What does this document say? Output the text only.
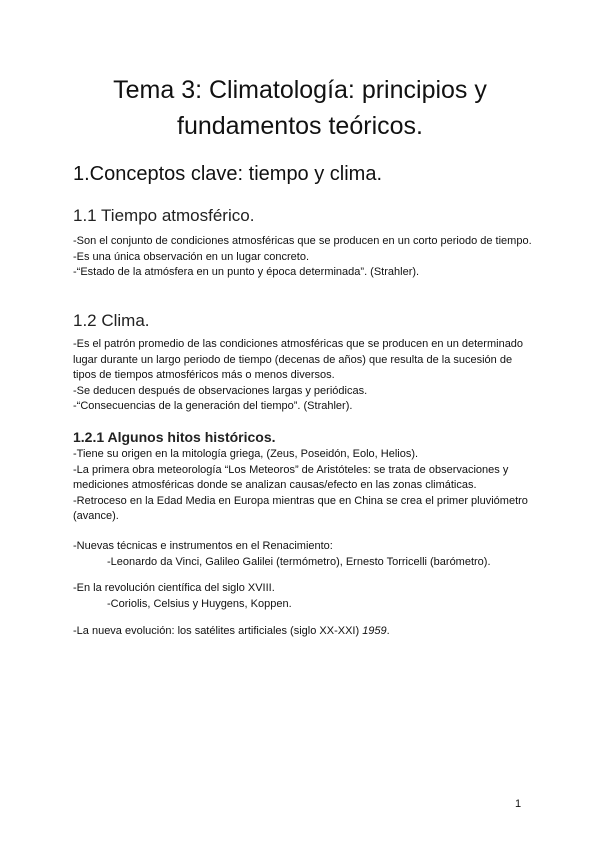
Tema 3: Climatología: principios y fundamentos teóricos.
1.Conceptos clave: tiempo y clima.
1.1 Tiempo atmosférico.

-Son el conjunto de condiciones atmosféricas que se producen en un corto periodo de tiempo.

-Es una única observación en un lugar concreto.

-“Estado de la atmósfera en un punto y época determinada”. (Strahler).

1.2 Clima.

-Es el patrón promedio de las condiciones atmosféricas que se producen en un determinado lugar durante un largo periodo de tiempo (decenas de años) que resulta de la sucesión de tipos de tiempos atmosféricos más o menos diversos.

-Se deducen después de observaciones largas y periódicas.

-“Consecuencias de la generación del tiempo”. (Strahler).

1.2.1 Algunos hitos históricos.

-Tiene su origen en la mitología griega, (Zeus, Poseidón, Eolo, Helios).

-La primera obra meteorología “Los Meteoros” de Aristóteles: se trata de observaciones y mediciones atmosféricas donde se analizan causas/efecto en las zonas climáticas.

-Retroceso en la Edad Media en Europa mientras que en China se crea el primer pluviómetro (avance).

-Nuevas técnicas e instrumentos en el Renacimiento:

-Leonardo da Vinci, Galileo Galilei (termómetro), Ernesto Torricelli (barómetro).

-En la revolución científica del siglo XVIII.

-Coriolis, Celsius y Huygens, Koppen.

-La nueva evolución: los satélites artificiales (siglo XX-XXI) 1959.

1
